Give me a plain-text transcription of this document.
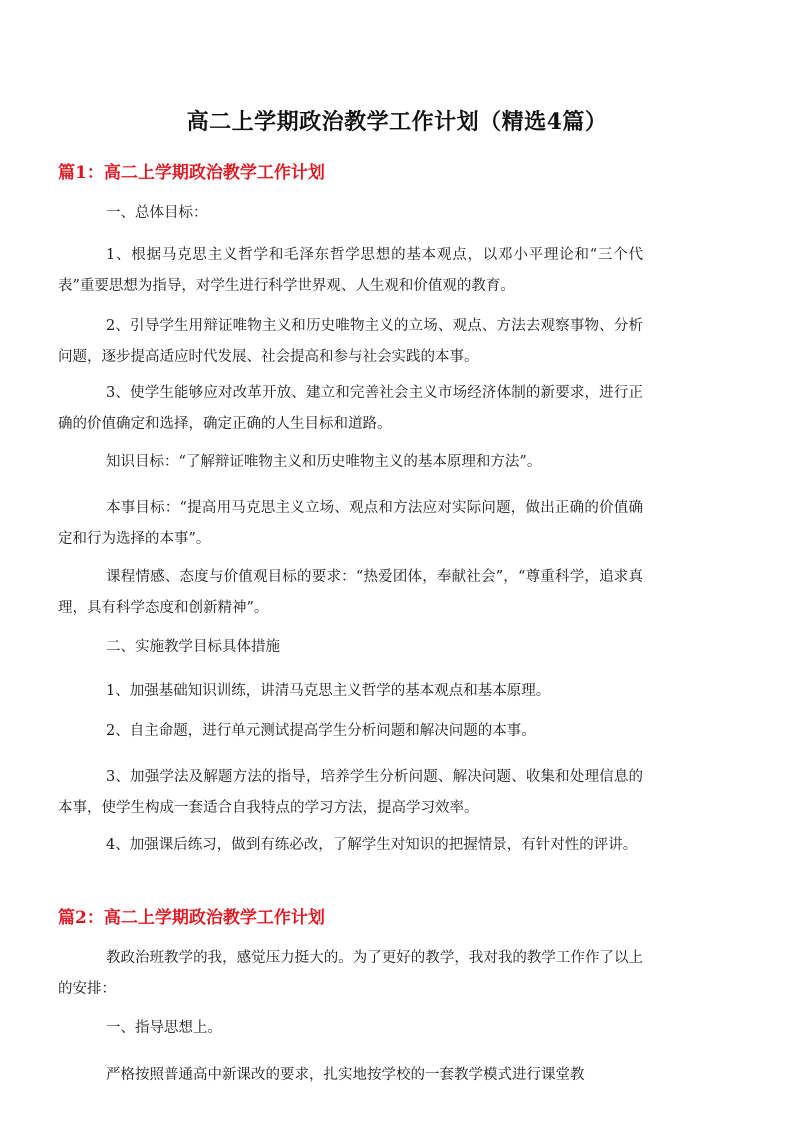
高二上学期政治教学工作计划（精选4篇）
篇1：高二上学期政治教学工作计划
一、总体目标：
1、根据马克思主义哲学和毛泽东哲学思想的基本观点，以邓小平理论和“三个代表”重要思想为指导，对学生进行科学世界观、人生观和价值观的教育。
2、引导学生用辩证唯物主义和历史唯物主义的立场、观点、方法去观察事物、分析问题，逐步提高适应时代发展、社会提高和参与社会实践的本事。
3、使学生能够应对改革开放、建立和完善社会主义市场经济体制的新要求，进行正确的价值确定和选择，确定正确的人生目标和道路。
知识目标：“了解辩证唯物主义和历史唯物主义的基本原理和方法”。
本事目标：“提高用马克思主义立场、观点和方法应对实际问题，做出正确的价值确定和行为选择的本事”。
课程情感、态度与价值观目标的要求：“热爱团体，奉献社会”，“尊重科学，追求真理，具有科学态度和创新精神”。
二、实施教学目标具体措施
1、加强基础知识训练，讲清马克思主义哲学的基本观点和基本原理。
2、自主命题，进行单元测试提高学生分析问题和解决问题的本事。
3、加强学法及解题方法的指导，培养学生分析问题、解决问题、收集和处理信息的本事，使学生构成一套适合自我特点的学习方法，提高学习效率。
4、加强课后练习，做到有练必改，了解学生对知识的把握情景，有针对性的评讲。
篇2：高二上学期政治教学工作计划
教政治班教学的我，感觉压力挺大的。为了更好的教学，我对我的教学工作作了以上的安排：
一、指导思想上。
严格按照普通高中新课改的要求，扎实地按学校的一套教学模式进行课堂教
